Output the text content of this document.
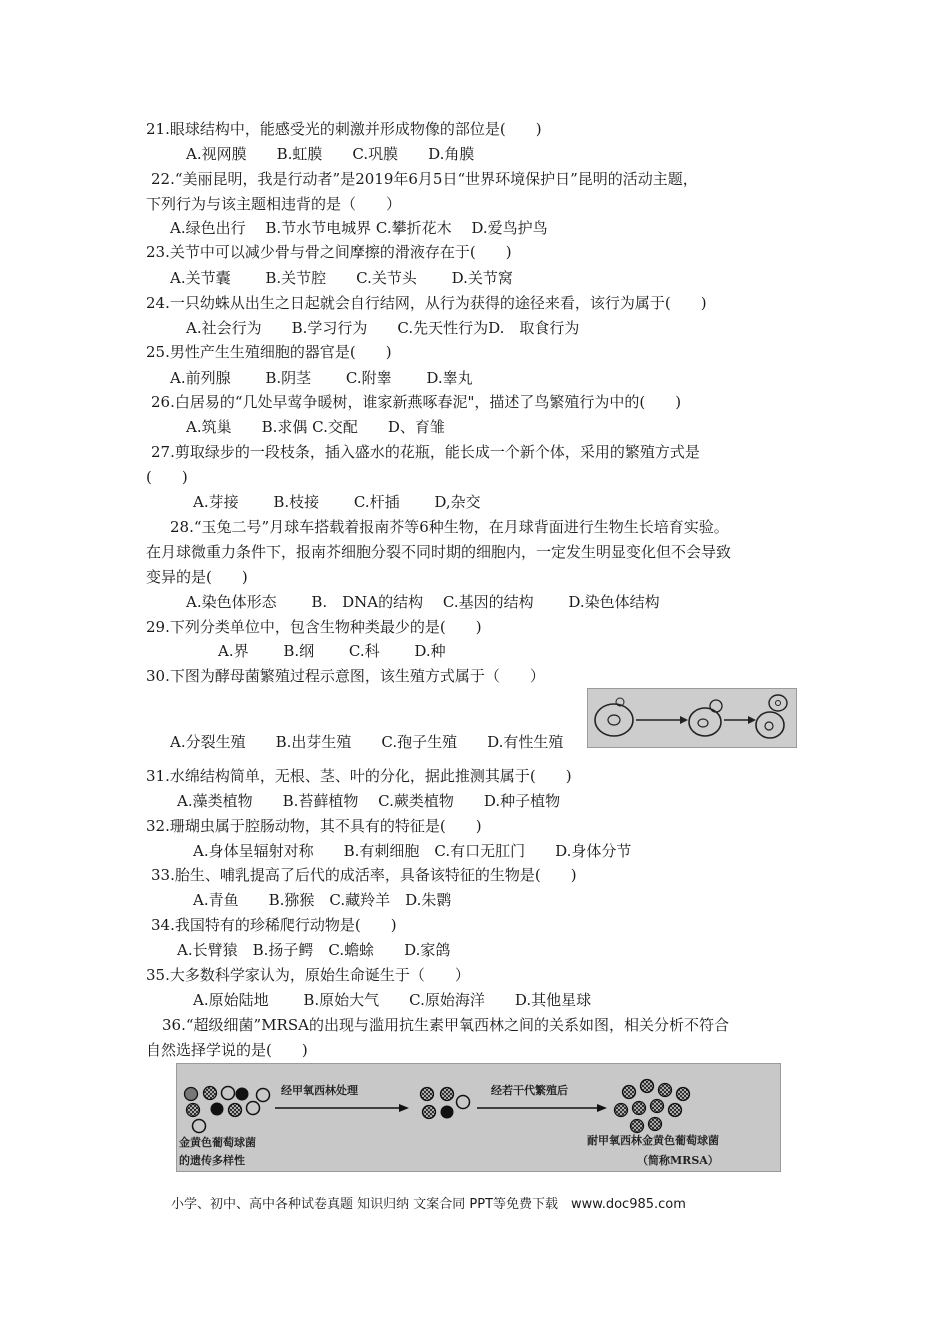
21.眼球结构中，能感受光的刺激并形成物像的部位是(　　)
A.视网膜　　B.虹膜　　C.巩膜　　D.角膜
22.“美丽昆明，我是行动者”是2019年6月5日“世界环境保护日”昆明的活动主题，
下列行为与该主题相违背的是（　　）
A.绿色出行　 B.节水节电城界 C.攀折花木　 D.爱鸟护鸟
23.关节中可以减少骨与骨之间摩擦的滑液存在于(　　)
A.关节囊　　 B.关节腔　　C.关节头　　 D.关节窝
24.一只幼蛛从出生之日起就会自行结网，从行为获得的途径来看，该行为属于(　　)
A.社会行为　　B.学习行为　　C.先天性行为D.　取食行为
25.男性产生生殖细胞的器官是(　　)
A.前列腺　　 B.阴茎　　 C.附睾　　 D.睾丸
26.白居易的“几处早莺争暖树，谁家新燕啄春泥"，描述了鸟繁殖行为中的(　　)
A.筑巢　　B.求偶 C.交配　　D、育雏
27.剪取绿步的一段枝条，插入盛水的花瓶，能长成一个新个体，采用的繁殖方式是
(　　)
A.芽接　　 B.枝接　　 C.杆插　　 D,杂交
28.“玉兔二号”月球车搭载着报南芥等6种生物，在月球背面进行生物生长培育实验。
在月球微重力条件下，报南芥细胞分裂不同时期的细胞内，一定发生明显变化但不会导致
变异的是(　　)
A.染色体形态　　 B.　DNA的结构　 C.基因的结构　　 D.染色体结构
29.下列分类单位中，包含生物种类最少的是(　　)
A.界　　 B.纲　　 C.科　　 D.种
30.下图为酵母菌繁殖过程示意图，该生殖方式属于（　　）
A.分裂生殖　　B.出芽生殖　　C.孢子生殖　　D.有性生殖
31.水绵结构简单，无根、茎、叶的分化，据此推测其属于(　　)
A.藻类植物　　B.苔藓植物　 C.蕨类植物　　D.种子植物
32.珊瑚虫属于腔肠动物，其不具有的特征是(　　)
A.身体呈辐射对称　　B.有刺细胞　C.有口无肛门　　D.身体分节
33.胎生、哺乳提高了后代的成活率，具备该特征的生物是(　　)
A.青鱼　　B.猕猴　C.藏羚羊　D.朱鹮
34.我国特有的珍稀爬行动物是(　　)
A.长臂猿　B.扬子鳄　C.蟾蜍　　D.家鸽
35.大多数科学家认为，原始生命诞生于（　　）
A.原始陆地　　 B.原始大气　　C.原始海洋　　D.其他星球
36.“超级细菌”MRSA的出现与滥用抗生素甲氧西林之间的关系如图，相关分析不符合
自然选择学说的是(　　)
经甲氧西林处理	经若干代繁殖后
金黄色葡萄球菌
的遗传多样性
耐甲氧西林金黄色葡萄球菌
（简称MRSA）
小学、初中、高中各种试卷真题 知识归纳 文案合同 PPT等免费下载　www.doc985.com
